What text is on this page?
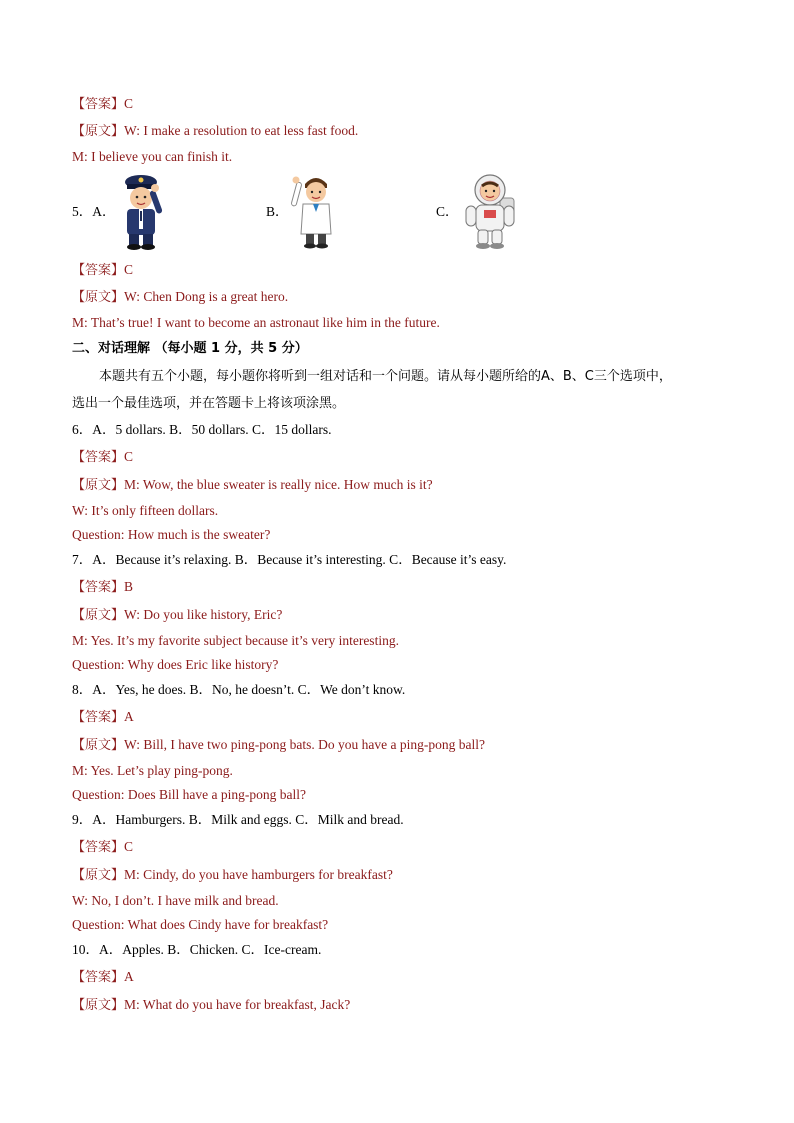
【答案】C
【原文】W: I make a resolution to eat less fast food.
M: I believe you can finish it.
5．A．	B．	C．
【答案】C
【原文】W: Chen Dong is a great hero.
M: That’s true! I want to become an astronaut like him in the future.
二、对话理解 （每小题 1 分，共 5 分）
本题共有五个小题，每小题你将听到一组对话和一个问题。请从每小题所给的A、B、C三个选项中，
选出一个最佳选项，并在答题卡上将该项涂黑。
6．A．5 dollars. B．50 dollars. C．15 dollars.
【答案】C
【原文】M: Wow, the blue sweater is really nice. How much is it?
W: It’s only fifteen dollars.
Question: How much is the sweater?
7．A．Because it’s relaxing. B．Because it’s interesting. C．Because it’s easy.
【答案】B
【原文】W: Do you like history, Eric?
M: Yes. It’s my favorite subject because it’s very interesting.
Question: Why does Eric like history?
8．A．Yes, he does. B．No, he doesn’t. C．We don’t know.
【答案】A
【原文】W: Bill, I have two ping-pong bats. Do you have a ping-pong ball?
M: Yes. Let’s play ping-pong.
Question: Does Bill have a ping-pong ball?
9．A．Hamburgers. B．Milk and eggs. C．Milk and bread.
【答案】C
【原文】M: Cindy, do you have hamburgers for breakfast?
W: No, I don’t. I have milk and bread.
Question: What does Cindy have for breakfast?
10．A．Apples. B．Chicken. C．Ice-cream.
【答案】A
【原文】M: What do you have for breakfast, Jack?
